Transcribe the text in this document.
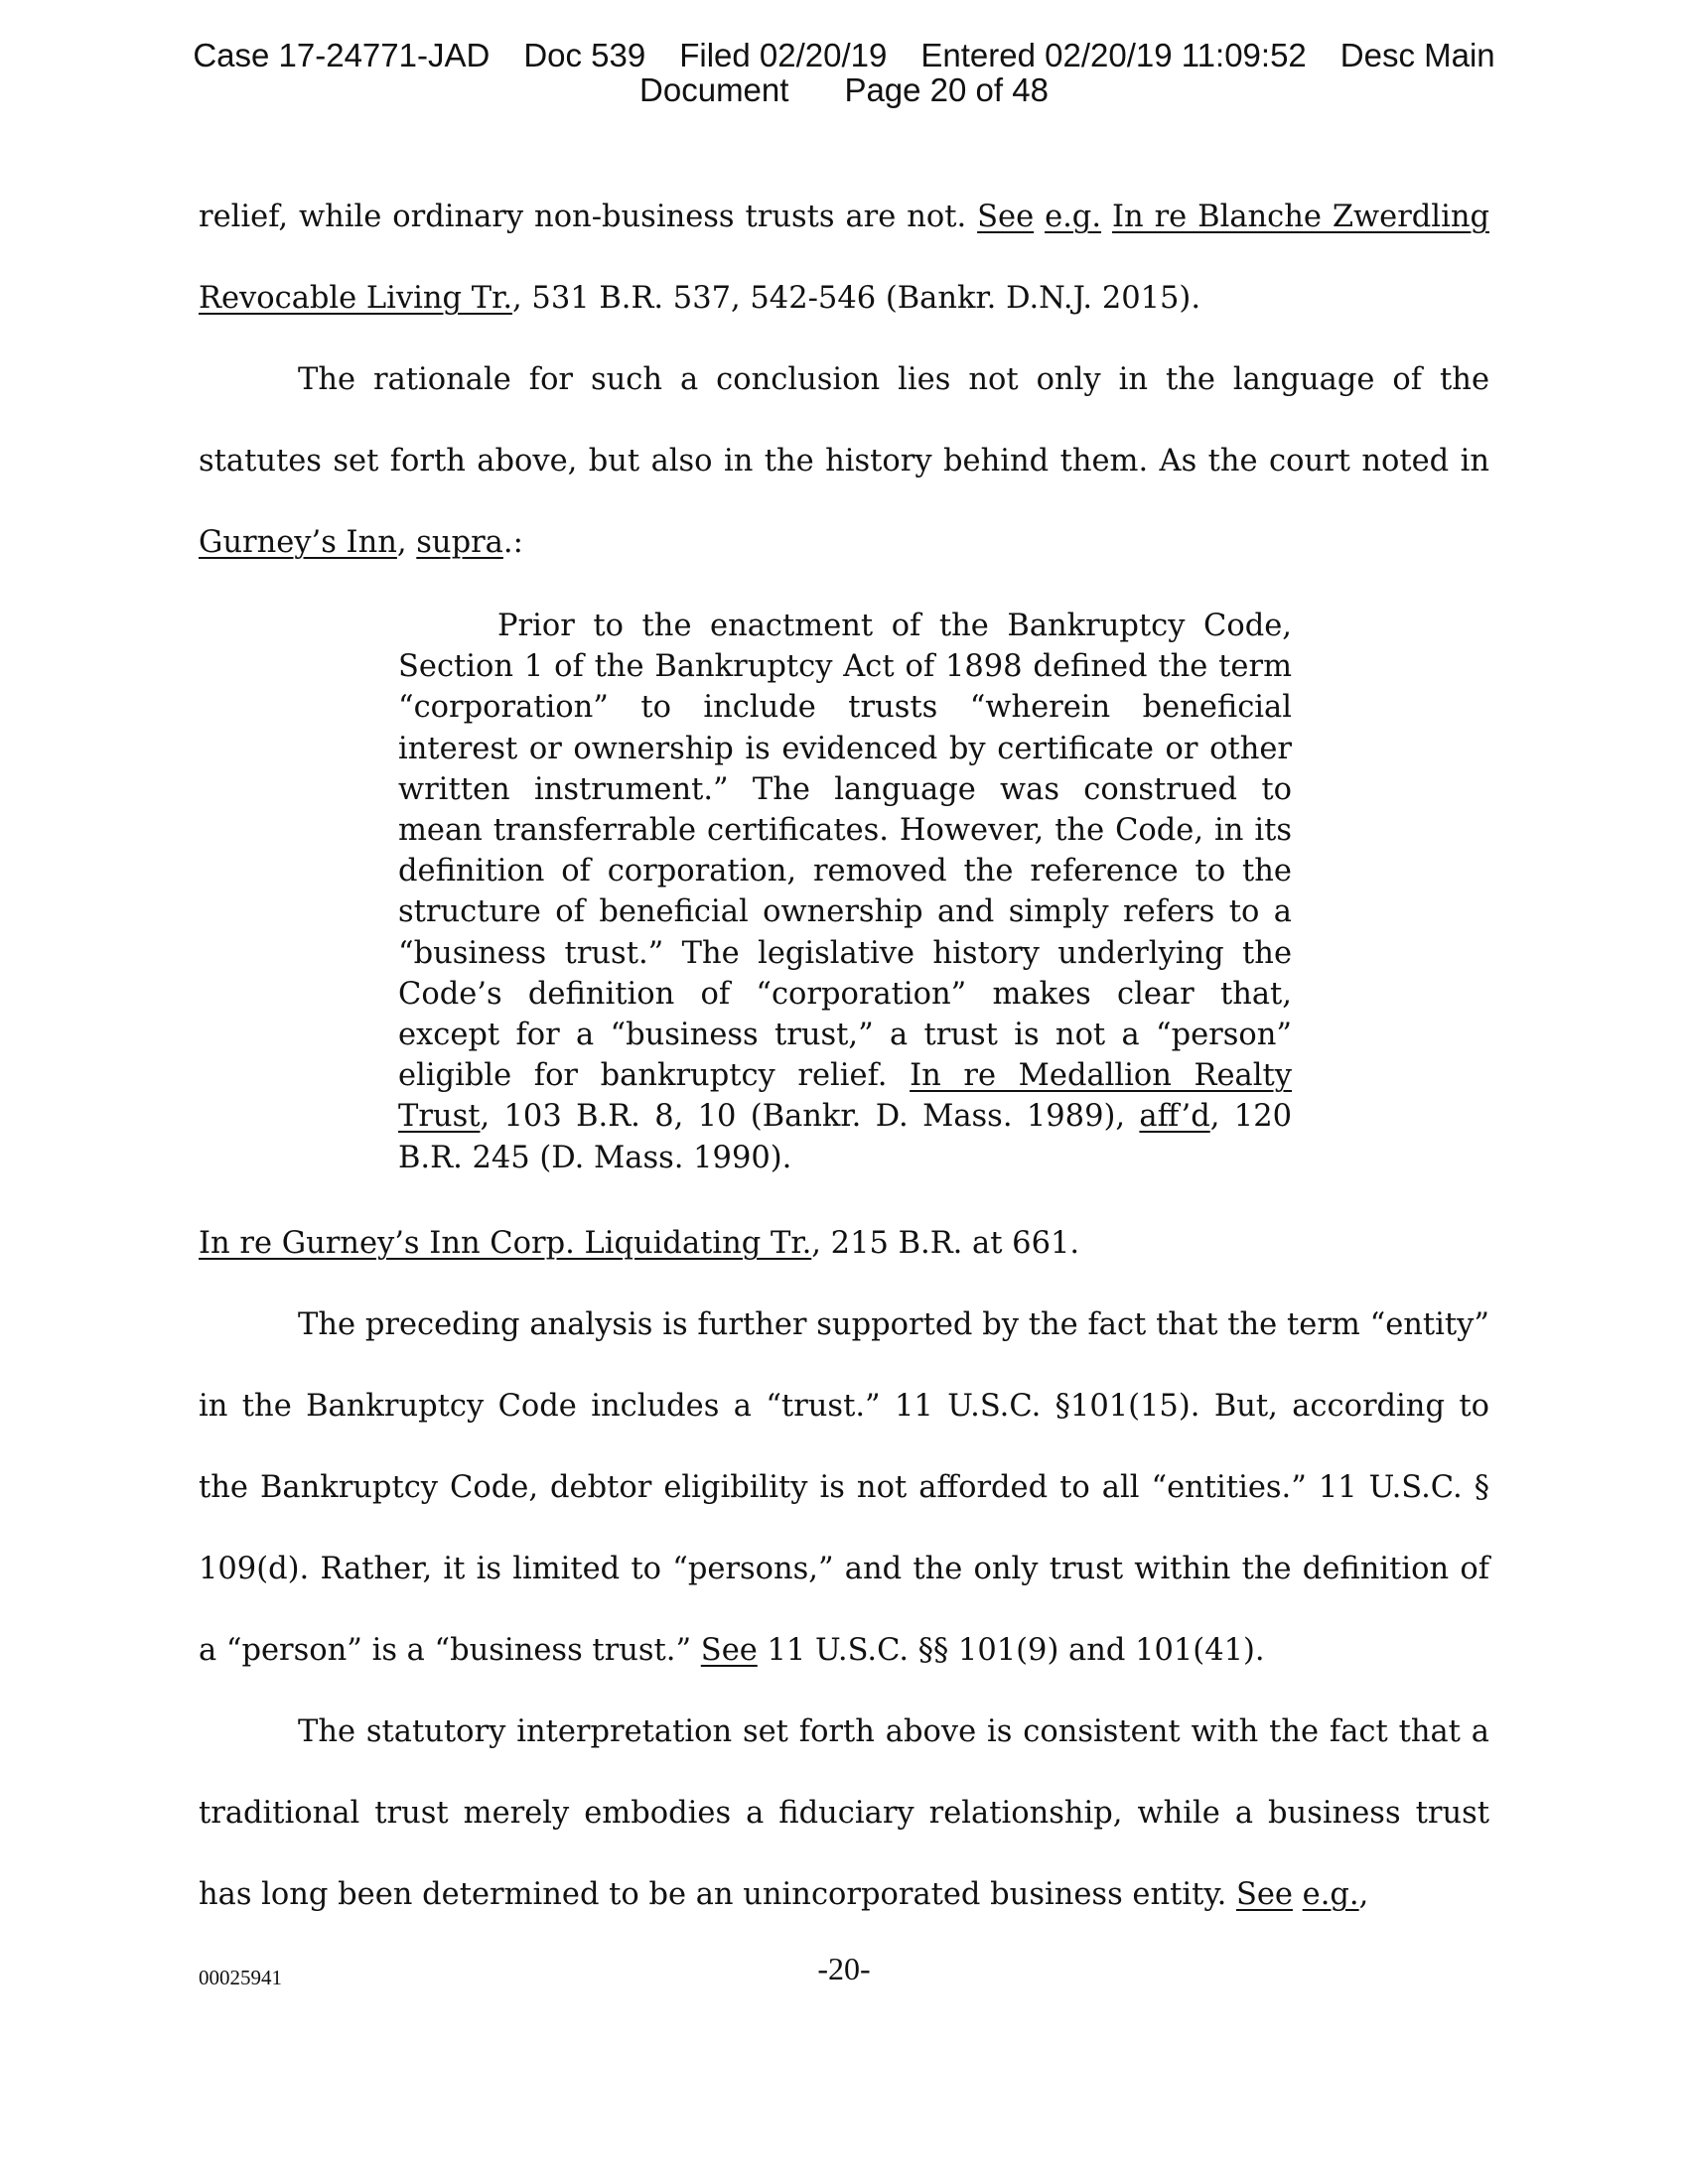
Case 17-24771-JAD Doc 539 Filed 02/20/19 Entered 02/20/19 11:09:52 Desc Main
Document Page 20 of 48

relief, while ordinary non-business trusts are not. See e.g. In re Blanche Zwerdling Revocable Living Tr., 531 B.R. 537, 542-546 (Bankr. D.N.J. 2015).

The rationale for such a conclusion lies not only in the language of the statutes set forth above, but also in the history behind them. As the court noted in Gurney’s Inn, supra.:

Prior to the enactment of the Bankruptcy Code, Section 1 of the Bankruptcy Act of 1898 defined the term “corporation” to include trusts “wherein beneficial interest or ownership is evidenced by certificate or other written instrument.” The language was construed to mean transferrable certificates. However, the Code, in its definition of corporation, removed the reference to the structure of beneficial ownership and simply refers to a “business trust.” The legislative history underlying the Code’s definition of “corporation” makes clear that, except for a “business trust,” a trust is not a “person” eligible for bankruptcy relief. In re Medallion Realty Trust, 103 B.R. 8, 10 (Bankr. D. Mass. 1989), aff’d, 120 B.R. 245 (D. Mass. 1990).

In re Gurney’s Inn Corp. Liquidating Tr., 215 B.R. at 661.

The preceding analysis is further supported by the fact that the term “entity” in the Bankruptcy Code includes a “trust.” 11 U.S.C. §101(15). But, according to the Bankruptcy Code, debtor eligibility is not afforded to all “entities.” 11 U.S.C. § 109(d). Rather, it is limited to “persons,” and the only trust within the definition of a “person” is a “business trust.” See 11 U.S.C. §§ 101(9) and 101(41).

The statutory interpretation set forth above is consistent with the fact that a traditional trust merely embodies a fiduciary relationship, while a business trust has long been determined to be an unincorporated business entity. See e.g.,

00025941	-20-
